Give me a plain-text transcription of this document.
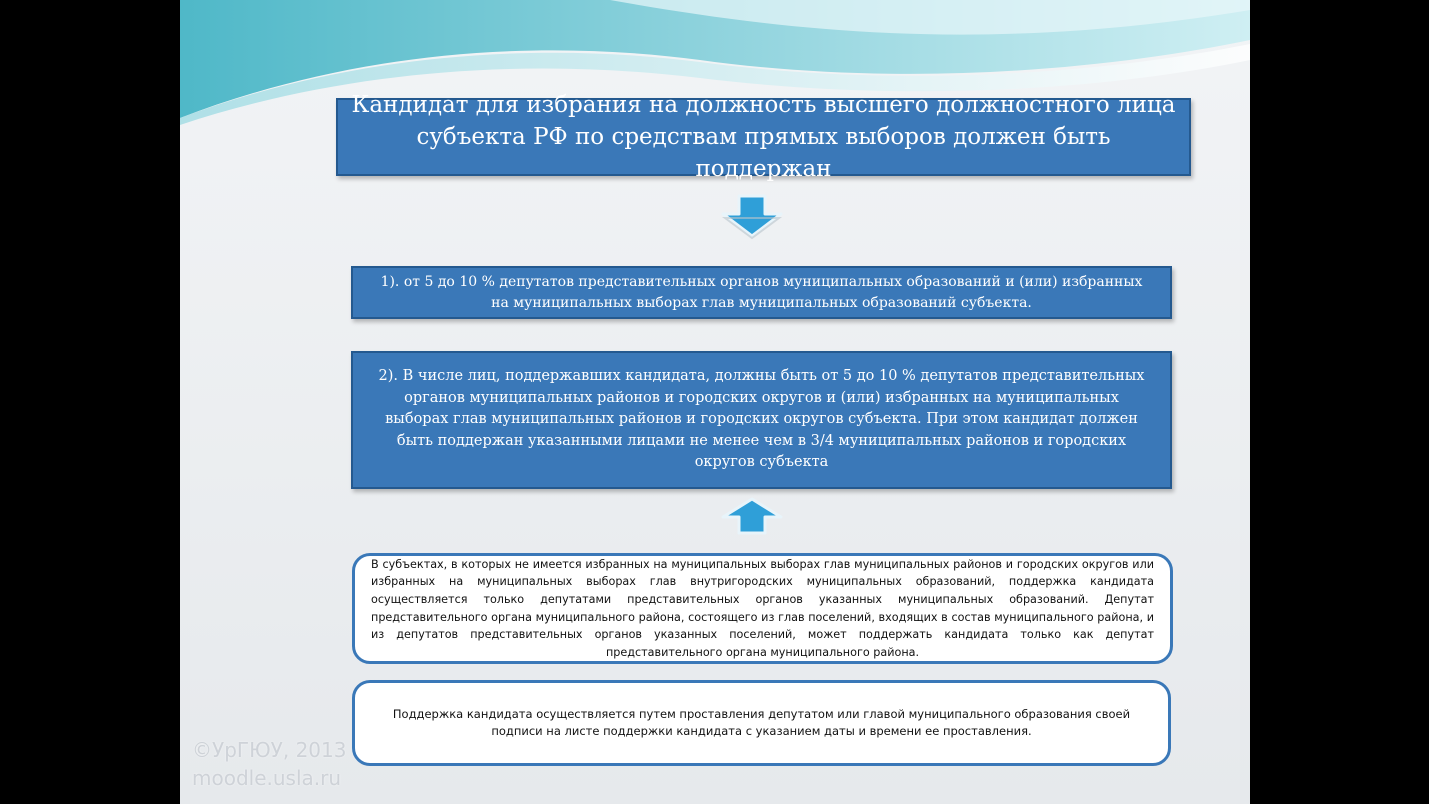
Кандидат для избрания на должность высшего должностного лица субъекта РФ по средствам прямых выборов должен быть поддержан
1). от 5 до 10 % депутатов представительных органов муниципальных образований и (или) избранных на муниципальных выборах глав муниципальных образований субъекта.
2). В числе лиц, поддержавших кандидата, должны быть от 5 до 10 % депутатов представительных органов муниципальных районов и городских округов и (или) избранных на муниципальных выборах глав муниципальных районов и городских округов субъекта. При этом кандидат должен быть поддержан указанными лицами не менее чем в 3/4 муниципальных районов и городских округов субъекта
В субъектах, в которых не имеется избранных на муниципальных выборах глав муниципальных районов и городских округов или избранных на муниципальных выборах глав внутригородских муниципальных образований, поддержка кандидата осуществляется только депутатами представительных органов указанных муниципальных образований. Депутат представительного органа муниципального района, состоящего из глав поселений, входящих в состав муниципального района, и из депутатов представительных органов указанных поселений, может поддержать кандидата только как депутат представительного органа муниципального района.
Поддержка кандидата осуществляется путем проставления депутатом или главой муниципального образования своей подписи на листе поддержки кандидата с указанием даты и времени ее проставления.
©УрГЮУ, 2013
moodle.usla.ru
